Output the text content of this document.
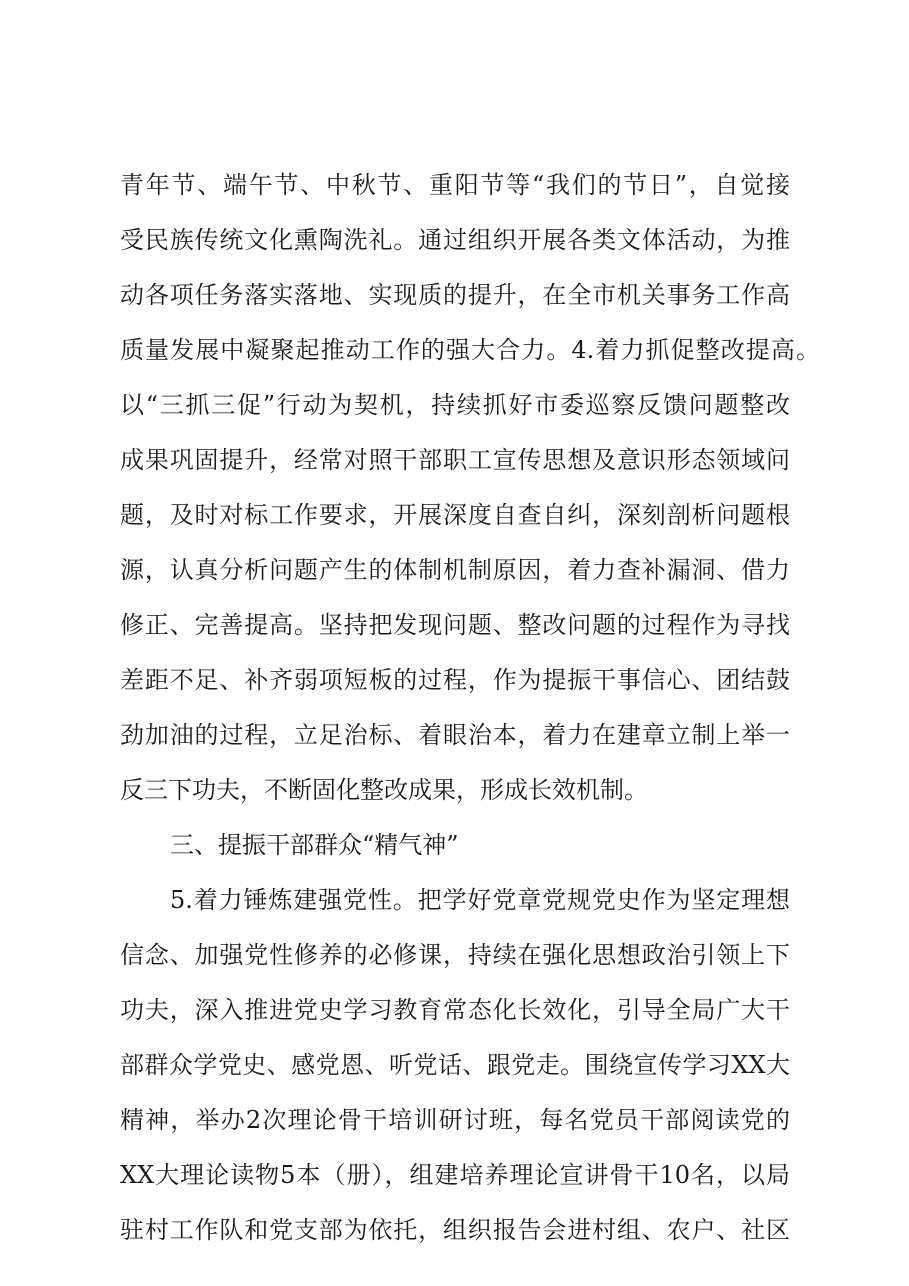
青年节、端午节、中秋节、重阳节等“我们的节日”，自觉接
受民族传统文化熏陶洗礼。通过组织开展各类文体活动，为推
动各项任务落实落地、实现质的提升，在全市机关事务工作高
质量发展中凝聚起推动工作的强大合力。4.着力抓促整改提高。
以“三抓三促”行动为契机，持续抓好市委巡察反馈问题整改
成果巩固提升，经常对照干部职工宣传思想及意识形态领域问
题，及时对标工作要求，开展深度自查自纠，深刻剖析问题根
源，认真分析问题产生的体制机制原因，着力查补漏洞、借力
修正、完善提高。坚持把发现问题、整改问题的过程作为寻找
差距不足、补齐弱项短板的过程，作为提振干事信心、团结鼓
劲加油的过程，立足治标、着眼治本，着力在建章立制上举一
反三下功夫，不断固化整改成果，形成长效机制。
三、提振干部群众“精气神”
5.着力锤炼建强党性。把学好党章党规党史作为坚定理想
信念、加强党性修养的必修课，持续在强化思想政治引领上下
功夫，深入推进党史学习教育常态化长效化，引导全局广大干
部群众学党史、感党恩、听党话、跟党走。围绕宣传学习XX大
精神，举办2次理论骨干培训研讨班，每名党员干部阅读党的
XX大理论读物5本（册），组建培养理论宣讲骨干10名，以局
驻村工作队和党支部为依托，组织报告会进村组、农户、社区
